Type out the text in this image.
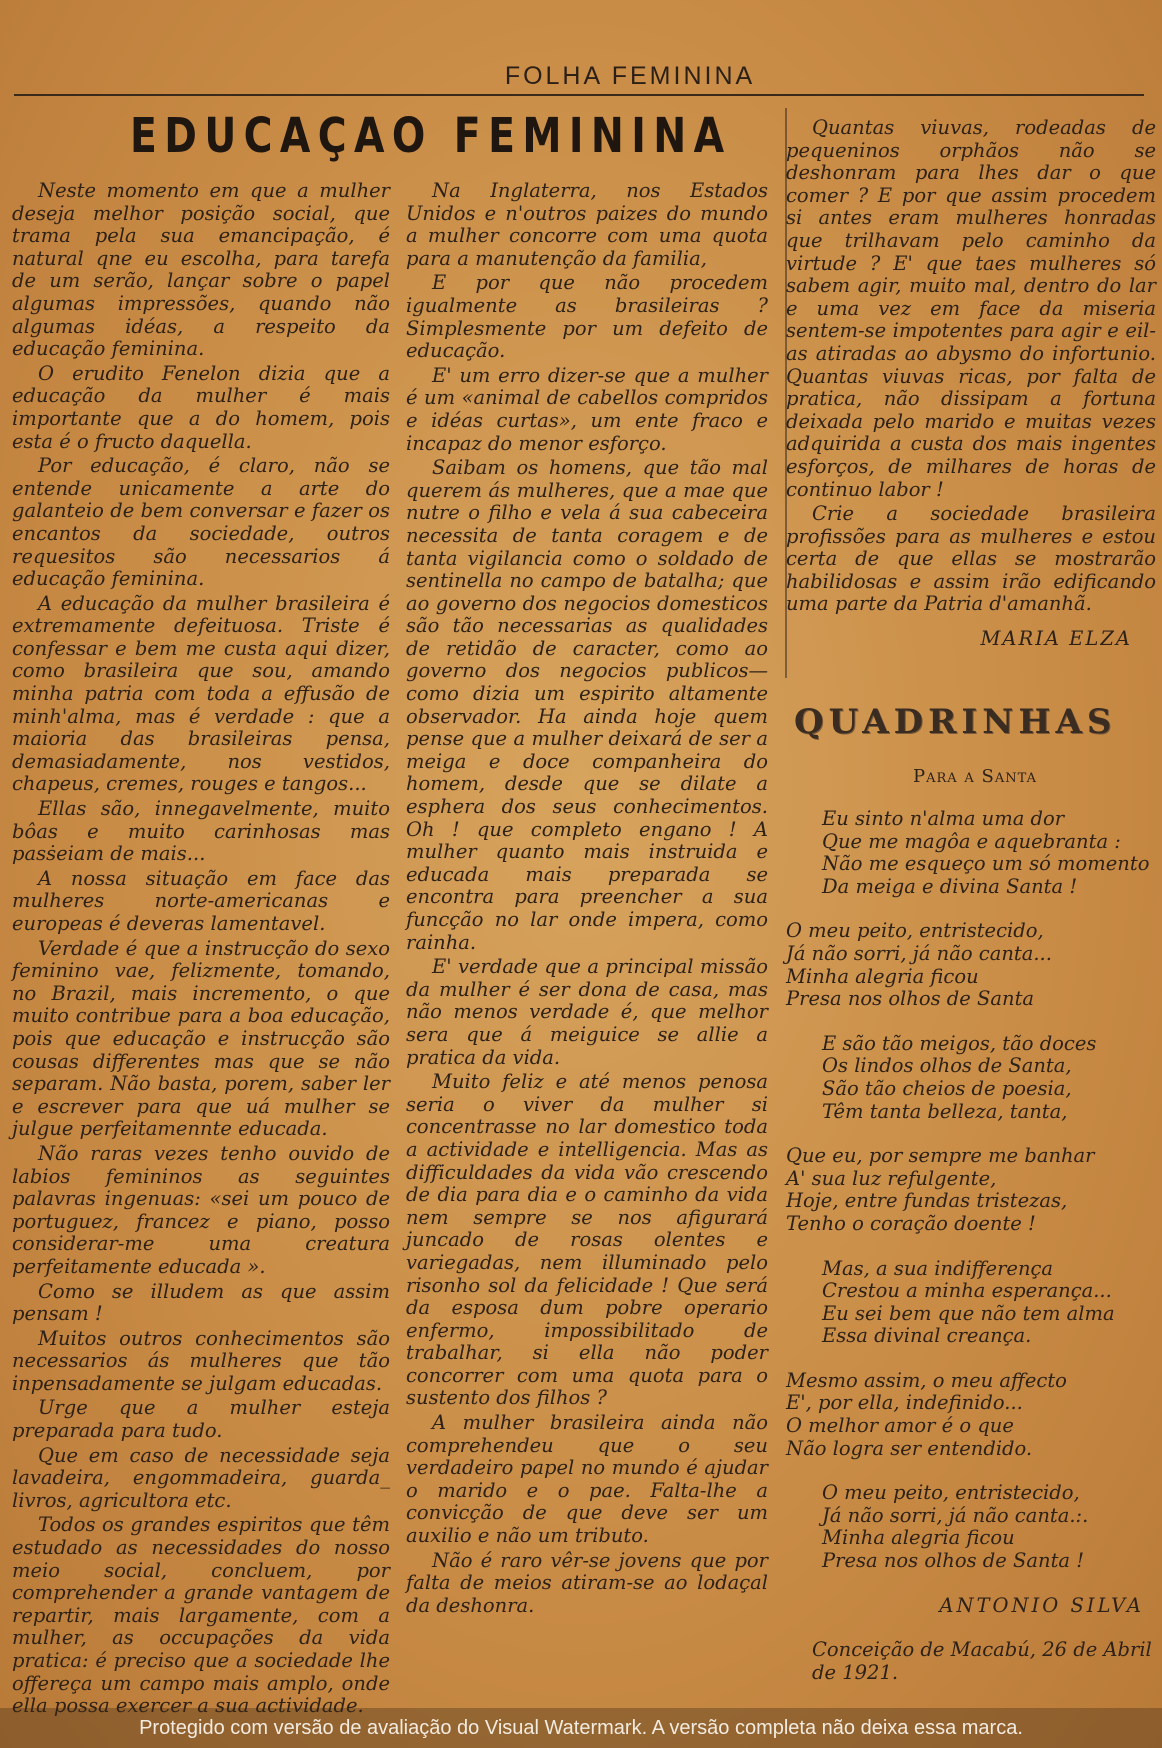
FOLHA FEMININA
EDUCAÇAO FEMININA

Neste momento em que a mulher deseja melhor posição social, que trama pela sua emancipação, é natural qne eu escolha, para tarefa de um serão, lançar sobre o papel algumas impressões, quando não algumas idéas, a respeito da educação feminina.

O erudito Fenelon dizia que a educação da mulher é mais importante que a do homem, pois esta é o fructo daquella.

Por educação, é claro, não se entende unicamente a arte do galanteio de bem conversar e fazer os encantos da sociedade, outros requesitos são necessarios á educação feminina.

A educação da mulher brasileira é extremamente defeituosa. Triste é confessar e bem me custa aqui dizer, como brasileira que sou, amando minha patria com toda a effusão de minh'alma, mas é verdade : que a maioria das brasileiras pensa, demasiadamente, nos vestidos, chapeus, cremes, rouges e tangos...

Ellas são, innegavelmente, muito bôas e muito carinhosas mas pasṡeiam de mais...

A nossa situação em face das mulheres norte-americanas e europeas é deveras lamentavel.

Verdade é que a instrucção do sexo feminino vae, felizmente, tomando, no Brazil, mais incremento, o que muito contribue para a boa educação, pois que educação e instrucção são cousas differentes mas que se não separam. Não basta, porem, saber ler e escrever para que uá mulher se julgue perfeitamennte educada.

Não raras vezes tenho ouvido de labios femininos as seguintes palavras ingenuas: «sei um pouco de portuguez, francez e piano, posso considerar-me uma creatura perfeitamente educada ».

Como se illudem as que assim pensam !

Muitos outros conhecimentos são necessarios ás mulheres que tão inpensadamente se julgam educadas.

Urge que a mulher esteja preparada para tudo.

Que em caso de necessidade seja lavadeira, engommadeira, guarda_ livros, agricultora etc.

Todos os grandes espiritos que têm estudado as necessidades do nosso meio social, concluem, por comprehender a grande vantagem de repartir, mais largamente, com a mulher, as occupações da vida pratica: é preciso que a sociedade lhe offereça um campo mais amplo, onde ella possa exercer a sua actividade.

Na Inglaterra, nos Estados Unidos e n'outros paizes do mundo a mulher concorre com uma quota para a manutenção da familia,

E por que não procedem igualmente as brasileiras ? Simplesmente por um defeito de educação.

E' um erro dizer-se que a mulher é um «animal de cabellos compridos e idéas curtas», um ente fraco e incapaz do menor esforço.

Saibam os homens, que tão mal querem ás mulheres, que a mae que nutre o filho e vela á sua cabeceira necessita de tanta coragem e de tanta vigilancia como o soldado de sentinella no campo de batalha; que ao governo dos negocios domesticos são tão necessarias as qualidades de retidão de caracter, como ao governo dos negocios publicos— como dizia um espirito altamente observador. Ha ainda hoje quem pense que a mulher deixará de ser a meiga e doce companheira do homem, desde que se dilate a esphera dos seus conhecimentos. Oh ! que completo engano ! A mulher quanto mais instruida e educada mais preparada se encontra para preencher a sua funcção no lar onde impera, como rainha.

E' verdade que a principal missão da mulher é ser dona de casa, mas não menos verdade é, que melhor sera que á meiguice se allie a pratica da vida.

Muito feliz e até menos penosa seria o viver da mulher si concentrasse no lar domestico toda a actividade e intelligencia. Mas as difficuldades da vida vão crescendo de dia para dia e o caminho da vida nem sempre se nos afigurará juncado de rosas olentes e variegadas, nem illuminado pelo risonho sol da felicidade ! Que será da esposa dum pobre operario enfermo, impossibilitado de trabalhar, si ella não poder concorrer com uma quota para o sustento dos filhos ?

A mulher brasileira ainda não comprehendeu que o seu verdadeiro papel no mundo é ajudar o marido e o pae. Falta-lhe a convicção de que deve ser um auxilio e não um tributo.

Não é raro vêr-se jovens que por falta de meios atiram-se ao lodaçal da deshonra.

Quantas viuvas, rodeadas de pequeninos orphãos não se deshonram para lhes dar o que comer ? E por que assim procedem si antes eram mulheres honradas que trilhavam pelo caminho da virtude ? E' que taes mulheres só sabem agir, muito mal, dentro do lar e uma vez em face da miseria sentem-se impotentes para agir e eil-as atiradas ao abysmo do infortunio. Quantas viuvas ricas, por falta de pratica, não dissipam a fortuna deixada pelo marido e muitas vezes adquirida a custa dos mais ingentes esforços, de milhares de horas de continuo labor !

Crie a sociedade brasileira profissões para as mulheres e estou certa de que ellas se mostrarão habilidosas e assim irão edificando uma parte da Patria d'amanhã.

MARIA ELZA
QUADRINHAS
Para a Santa
Eu sinto n'alma uma dor
Que me magôa e aquebranta :
Não me esqueço um só momento
Da meiga e divina Santa !
O meu peito, entristecido,
Já não sorri, já não canta...
Minha alegria ficou
Presa nos olhos de Santa
E são tão meigos, tão doces
Os lindos olhos de Santa,
São tão cheios de poesia,
Têm tanta belleza, tanta,
Que eu, por sempre me banhar
A' sua luz refulgente,
Hoje, entre fundas tristezas,
Tenho o coração doente !
Mas, a sua indifferença
Crestou a minha esperança...
Eu sei bem que não tem alma
Essa divinal creança.
Mesmo assim, o meu affecto
E', por ella, indefinido...
O melhor amor é o que
Não logra ser entendido.
O meu peito, entristecido,
Já não sorri, já não canta.:.
Minha alegria ficou
Presa nos olhos de Santa !
ANTONIO SILVA
Conceição de Macabú, 26 de Abril de 1921.
Protegido com versão de avaliação do Visual Watermark. A versão completa não deixa essa marca.
